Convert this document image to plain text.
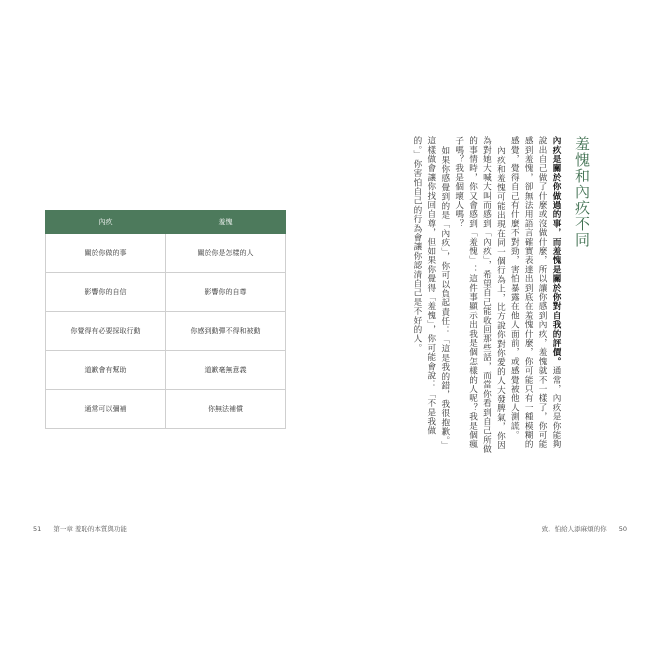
內疚	羞愧
關於你做的事	關於你是怎樣的人
影響你的自信	影響你的自尊
你覺得有必要採取行動	你感到動彈不得和被動
道歉會有幫助	道歉毫無意義
通常可以彌補	你無法補償
51 第一章 羞恥的本質與功能
羞愧和內疚不同

內疚是關於你做過的事，而羞愧是關於你對自我的評價。通常，內疚是你能夠說出自己做了什麼或沒做什麼，所以讓你感到內疚，羞愧就不一樣了，你可能感到羞愧，卻無法用語言確實表達出到底在羞愧什麼，你可能只有一種模糊的感覺，覺得自己有什麼不對勁，害怕暴露在他人面前，或感覺被他人測謊。

內疚和羞愧可能出現在同一個行為上，比方說你對你愛的人大發脾氣，你因為對她大喊大叫而感到「內疚」，希望自己能收回那些話，而當你看到自己所做的事情時，你又會感到「羞愧」：這件事顯示出我是個怎樣的人呢？我是個瘋子嗎？我是個壞人嗎？

如果你感覺到的是「內疚」，你可以負起責任：「這是我的錯，我很抱歉。」這樣做會讓你找回自尊，但如果你覺得「羞愧」，你可能會說：「不是我做的。」你害怕自己的行為會讓你認清自己是不好的人。

致．怕給人添麻煩的你 50
